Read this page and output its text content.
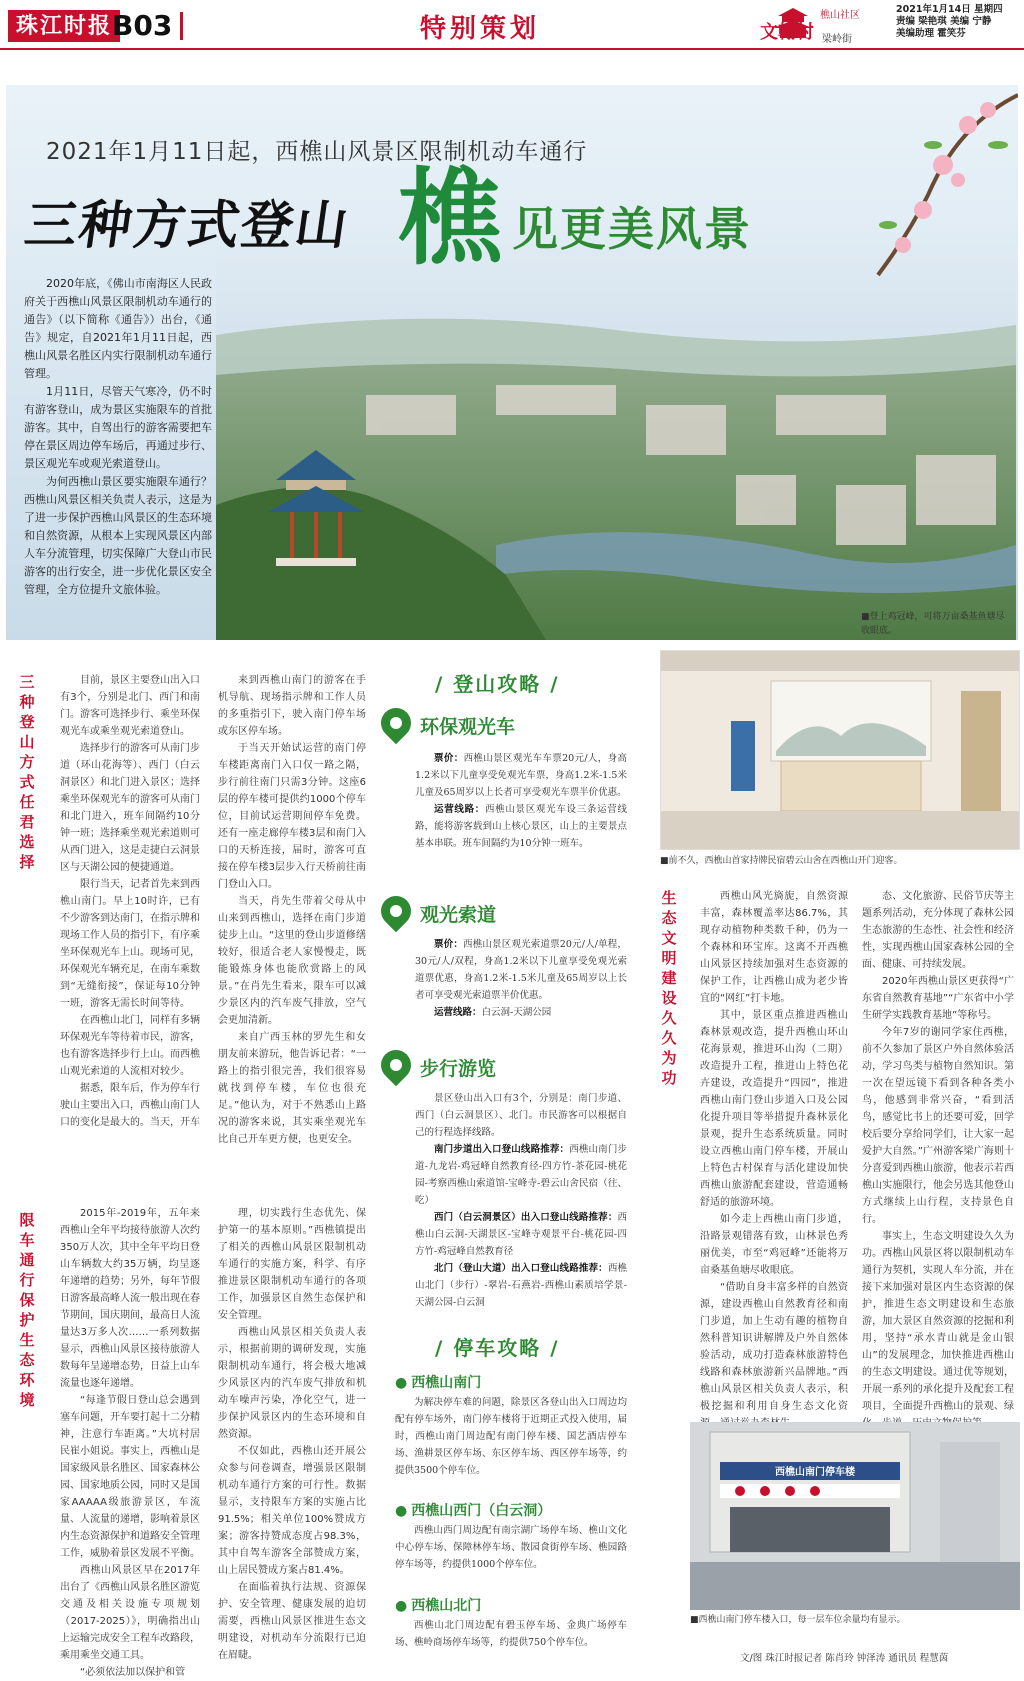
珠江时报 B03	特别策划	文翰村
樵山社区
梁岭街
2021年1月14日 星期四
责编 梁艳琪 美编 宁静
美编助理 霍笑芬
2021年1月11日起，西樵山风景区限制机动车通行
三种方式登山 樵 见更美风景

2020年底，《佛山市南海区人民政府关于西樵山风景区限制机动车通行的通告》（以下简称《通告》）出台，《通告》规定，自2021年1月11日起，西樵山风景名胜区内实行限制机动车通行管理。

1月11日，尽管天气寒冷，仍不时有游客登山，成为景区实施限车的首批游客。其中，自驾出行的游客需要把车停在景区周边停车场后，再通过步行、景区观光车或观光索道登山。

为何西樵山景区要实施限车通行？西樵山风景区相关负责人表示，这是为了进一步保护西樵山风景区的生态环境和自然资源，从根本上实现风景区内部人车分流管理，切实保障广大登山市民游客的出行安全，进一步优化景区安全管理，全方位提升文旅体验。

■登上鸡冠峰，可将万亩桑基鱼塘尽收眼底。
三种登山方式任君选择

目前，景区主要登山出入口有3个，分别是北门、西门和南门。游客可选择步行、乘坐环保观光车或乘坐观光索道登山。

选择步行的游客可从南门步道（环山花海等）、西门（白云洞景区）和北门进入景区；选择乘坐环保观光车的游客可从南门和北门进入，班车间隔约10分钟一班；选择乘坐观光索道则可从西门进入，这是走捷白云洞景区与天湖公园的便捷通道。

限行当天，记者首先来到西樵山南门。早上10时许，已有不少游客到达南门，在指示牌和现场工作人员的指引下，有序乘坐环保观光车上山。现场可见，环保观光车辆充足，在南车乘数到“无缝衔接”，保证每10分钟一班，游客无需长时间等待。

在西樵山北门，同样有多辆环保观光车等待着市民，游客，也有游客选择步行上山。而西樵山观光索道的人流相对较少。

据悉，限车后，作为停车行驶山主要出入口，西樵山南门人口的变化是最大的。当天，开车

来到西樵山南门的游客在手机导航、现场指示牌和工作人员的多重指引下，驶入南门停车场或东区停车场。

于当天开始试运营的南门停车楼距离南门入口仅一路之隔，步行前往南门只需3分钟。这座6层的停车楼可提供约1000个停车位，目前试运营期间停车免费。还有一座走廊停车楼3层和南门入口的天桥连接，届时，游客可直接在停车楼3层步入行天桥前往南门登山入口。

当天，肖先生带着父母从中山来到西樵山，选择在南门步道徒步上山。“这里的登山步道修缮较好，很适合老人家慢慢走，既能锻炼身体也能欣赏路上的风景。”在肖先生看来，限车可以减少景区内的汽车废气排放，空气会更加清新。

来自广西玉林的罗先生和女朋友前来游玩，他告诉记者：“一路上的指引很完善，我们很容易就找到停车楼，车位也很充足。”他认为，对于不熟悉山上路况的游客来说，其实乘坐观光车比自己开车更方便，也更安全。

限车通行保护生态环境

2015年-2019年，五年来西樵山全年平均接待旅游人次约350万人次，其中全年平均日登山车辆数大约35万辆，均呈逐年递增的趋势；另外，每年节假日游客最高峰人流一般出现在春节期间，国庆期间，最高日人流量达3万多人次……一系列数据显示，西樵山风景区接待旅游人数每年呈递增态势，日益上山车流量也逐年递增。

“每逢节假日登山总会遇到塞车问题，开车要打起十二分精神，注意行车距离。”大坑村居民崔小姐说。事实上，西樵山是国家级风景名胜区、国家森林公园、国家地质公园，同时又是国家AAAAA级旅游景区，车流量、人流量的递增，影响着景区内生态资源保护和道路安全管理工作，威胁着景区发展不平衡。

西樵山风景区早在2017年出台了《西樵山风景名胜区游览交通及相关设施专项规划（2017-2025）》，明确指出山上运输完成安全工程车改路段，乘用乘坐交通工具。

“必须依法加以保护和管

理，切实践行生态优先、保护第一的基本原则。”西樵镇提出了相关的西樵山风景区限制机动车通行的实施方案，科学、有序推进景区限制机动车通行的各项工作，加强景区自然生态保护和安全管理。

西樵山风景区相关负责人表示，根据前期的调研发现，实施限制机动车通行，将会极大地减少风景区内的汽车废气排放和机动车噪声污染，净化空气，进一步保护风景区内的生态环境和自然资源。

不仅如此，西樵山还开展公众参与问卷调查，增强景区限制机动车通行方案的可行性。数据显示，支持限车方案的实施占比91.5%；相关单位100%赞成方案；游客持赞成态度占98.3%，其中自驾车游客全部赞成方案，山上居民赞成方案占81.4%。

在面临着执行法规、资源保护、安全管理、健康发展的迫切需要，西樵山风景区推进生态文明建设，对机动车分流限行已迫在眉睫。

/ 登山攻略 /
环保观光车

票价：西樵山景区观光车车票20元/人，身高1.2米以下儿童享受免观光车票，身高1.2米-1.5米儿童及65周岁以上长者可享受观光车票半价优惠。

运营线路：西樵山景区观光车设三条运营线路，能将游客载到山上核心景区，山上的主要景点基本串联。班车间隔约为10分钟一班车。

观光索道

票价：西樵山景区观光索道票20元/人/单程，30元/人/双程，身高1.2米以下儿童享受免观光索道票优惠，身高1.2米-1.5米儿童及65周岁以上长者可享受观光索道票半价优惠。

运营线路：白云洞-天湖公园

步行游览

景区登山出入口有3个，分别是：南门步道、西门（白云洞景区）、北门。市民游客可以根据自己的行程选择线路。

南门步道出入口登山线路推荐：西樵山南门步道-九龙岩-鸡冠峰自然教育径-四方竹-茶花园-桃花园-考察西樵山索道馆-宝峰寺-碧云山舍民宿（往、吃）

西门（白云洞景区）出入口登山线路推荐：西樵山白云洞-天湖景区-宝峰寺观景平台-桃花园-四方竹-鸡冠峰自然教育径

北门（登山大道）出入口登山线路推荐：西樵山北门（步行）-翠岩-石燕岩-西樵山素质培学景-天湖公园-白云洞

/ 停车攻略 /
● 西樵山南门

为解决停车难的问题，除景区各登山出入口周边均配有停车场外，南门停车楼将于近期正式投入使用，届时，西樵山南门周边配有南门停车楼、国艺酒店停车场、渔耕景区停车场、东区停车场、西区停车场等，约提供3500个停车位。

● 西樵山西门（白云洞）

西樵山西门周边配有南宗湖广场停车场、樵山文化中心停车场、保障林停车场、散园食街停车场、樵园路停车场等，约提供1000个停车位。

● 西樵山北门

西樵山北门周边配有碧玉停车场、金典广场停车场、樵岭商场停车场等，约提供750个停车位。

■前不久，西樵山首家持牌民宿碧云山舍在西樵山开门迎客。
生态文明建设久久为功

西樵山风光旖旎，自然资源丰富，森林覆盖率达86.7%，其现存动植物种类数千种，仍为一个森林和环宝库。这离不开西樵山风景区持续加强对生态资源的保护工作，让西樵山成为老少皆宜的“网红”打卡地。

其中，景区重点推进西樵山森林景观改造，提升西樵山环山花海景观，推进环山沟（二期）改造提升工程，推进山上特色花卉建设，改造提升“四园”，推进西樵山南门登山步道入口及公园化提升项目等举措提升森林景化景观，提升生态系统质量。同时设立西樵山南门停车楼，开展山上特色古村保育与活化建设加快西樵山旅游配套建设，营造通畅舒适的旅游环境。

如今走上西樵山南门步道，沿路景观错落有致，山林景色秀丽优美，市至“鸡冠峰”还能将万亩桑基鱼塘尽收眼底。

“借助自身丰富多样的自然资源，建设西樵山自然教育径和南门步道，加上生动有趣的植物自然科普知识讲解牌及户外自然体验活动，成功打造森林旅游特色线路和森林旅游新兴品牌地。”西樵山风景区相关负责人表示，积极挖掘和利用自身生态文化资

态、文化旅游、民俗节庆等主题系列活动，充分体现了森林公园生态旅游的生态性、社会性和经济性，实现西樵山国家森林公园的全面、健康、可持续发展。

2020年西樵山景区更获得“广东省自然教育基地”“广东省中小学生研学实践教育基地”等称号。

今年7岁的谢同学家住西樵，前不久参加了景区户外自然体验活动，学习鸟类与植物自然知识。第一次在望远镜下看到各种各类小鸟，他感到非常兴奋，“看到活鸟，感觉比书上的还要可爱，回学校后要分享给同学们，让大家一起爱护大自然。”广州游客梁广海则十分喜爱到西樵山旅游，他表示若西樵山实施限行，他会另选其他登山方式继续上山行程，支持景色自行。

事实上，生态文明建设久久为功。西樵山风景区将以限制机动车通行为契机，实现人车分流，并在接下来加强对景区内生态资源的保护，推进生态文明建设和生态旅游，加大景区自然资源的挖掘和利用，坚持“承水青山就是金山银山”的发展理念，加快推进西樵山的生态文明建设。通过优等规划，开展一系列的承化提升及配套工程项目，全面提升西樵山的景观、绿

西樵山南门停车楼
■西樵山南门停车楼入口，每一层车位余量均有显示。
文/图 珠江时报记者 陈肖玲 钟泽涛 通讯员 程慧茵
